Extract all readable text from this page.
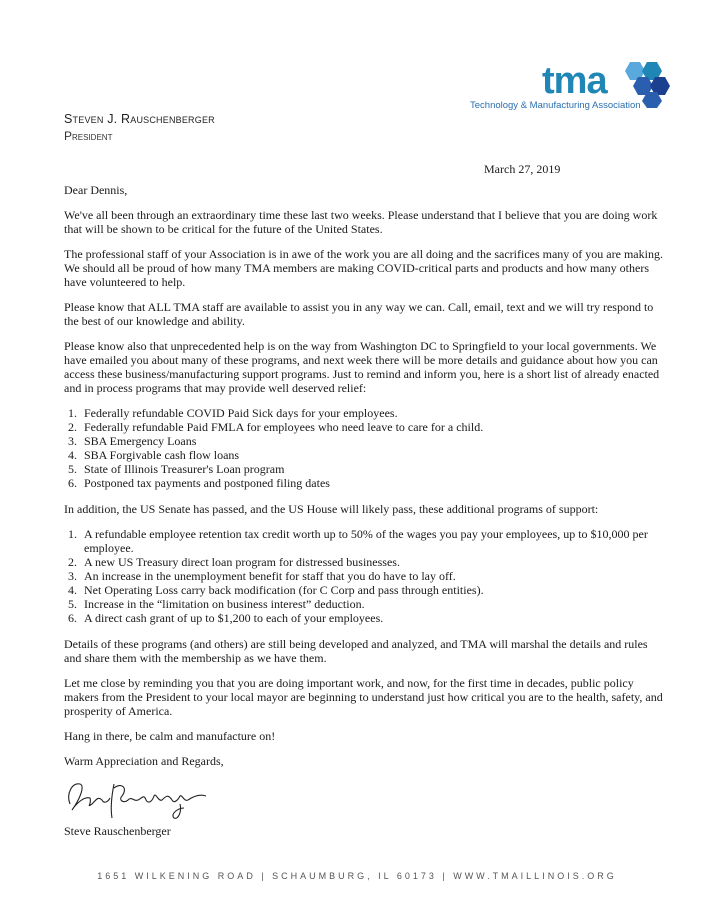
tma
Technology & Manufacturing Association
Steven J. Rauschenberger
President
March 27, 2019

Dear Dennis,

We've all been through an extraordinary time these last two weeks. Please understand that I believe that you are doing work that will be shown to be critical for the future of the United States.

The professional staff of your Association is in awe of the work you are all doing and the sacrifices many of you are making. We should all be proud of how many TMA members are making COVID-critical parts and products and how many others have volunteered to help.

Please know that ALL TMA staff are available to assist you in any way we can. Call, email, text and we will try respond to the best of our knowledge and ability.

Please know also that unprecedented help is on the way from Washington DC to Springfield to your local governments. We have emailed you about many of these programs, and next week there will be more details and guidance about how you can access these business/manufacturing support programs. Just to remind and inform you, here is a short list of already enacted and in process programs that may provide well deserved relief:

1. Federally refundable COVID Paid Sick days for your employees.
2. Federally refundable Paid FMLA for employees who need leave to care for a child.
3. SBA Emergency Loans
4. SBA Forgivable cash flow loans
5. State of Illinois Treasurer's Loan program
6. Postponed tax payments and postponed filing dates

In addition, the US Senate has passed, and the US House will likely pass, these additional programs of support:

1. A refundable employee retention tax credit worth up to 50% of the wages you pay your employees, up to $10,000 per employee.
2. A new US Treasury direct loan program for distressed businesses.
3. An increase in the unemployment benefit for staff that you do have to lay off.
4. Net Operating Loss carry back modification (for C Corp and pass through entities).
5. Increase in the “limitation on business interest” deduction.
6. A direct cash grant of up to $1,200 to each of your employees.

Details of these programs (and others) are still being developed and analyzed, and TMA will marshal the details and rules and share them with the membership as we have them.

Let me close by reminding you that you are doing important work, and now, for the first time in decades, public policy makers from the President to your local mayor are beginning to understand just how critical you are to the health, safety, and prosperity of America.

Hang in there, be calm and manufacture on!

Warm Appreciation and Regards,

Steve Rauschenberger
1651 WILKENING ROAD | SCHAUMBURG, IL 60173 | WWW.TMAILLINOIS.ORG
